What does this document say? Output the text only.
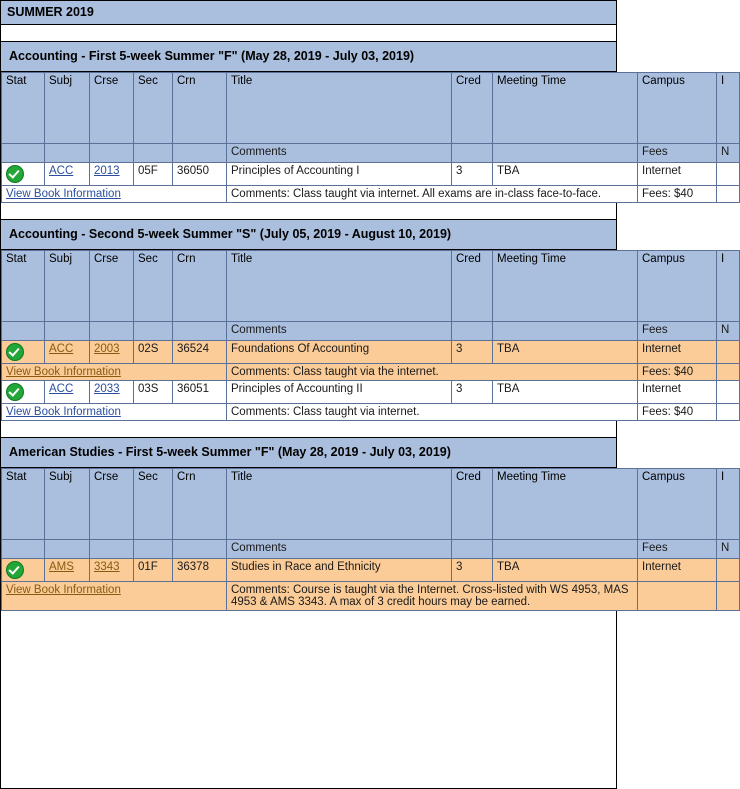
SUMMER 2019
Accounting - First 5-week Summer "F" (May 28, 2019 - July 03, 2019)
Stat	Subj	Crse	Sec	Crn	Title	Cred	Meeting Time	Campus	I
					Comments			Fees	N
	ACC	2013	05F	36050	Principles of Accounting I	3	TBA	Internet	
View Book Information					Comments: Class taught via internet. All exams are in-class face-to-face.			Fees: $40	
Accounting - Second 5-week Summer "S" (July 05, 2019 - August 10, 2019)
Stat	Subj	Crse	Sec	Crn	Title	Cred	Meeting Time	Campus	I
					Comments			Fees	N
	ACC	2003	02S	36524	Foundations Of Accounting	3	TBA	Internet	
View Book Information					Comments: Class taught via the internet.			Fees: $40	
	ACC	2033	03S	36051	Principles of Accounting II	3	TBA	Internet	
View Book Information					Comments: Class taught via internet.			Fees: $40	
American Studies - First 5-week Summer "F" (May 28, 2019 - July 03, 2019)
Stat	Subj	Crse	Sec	Crn	Title	Cred	Meeting Time	Campus	I
					Comments			Fees	N
	AMS	3343	01F	36378	Studies in Race and Ethnicity	3	TBA	Internet	
View Book Information					Comments: Course is taught via the Internet. Cross-listed with WS 4953, MAS 4953 & AMS 3343. A max of 3 credit hours may be earned.				
